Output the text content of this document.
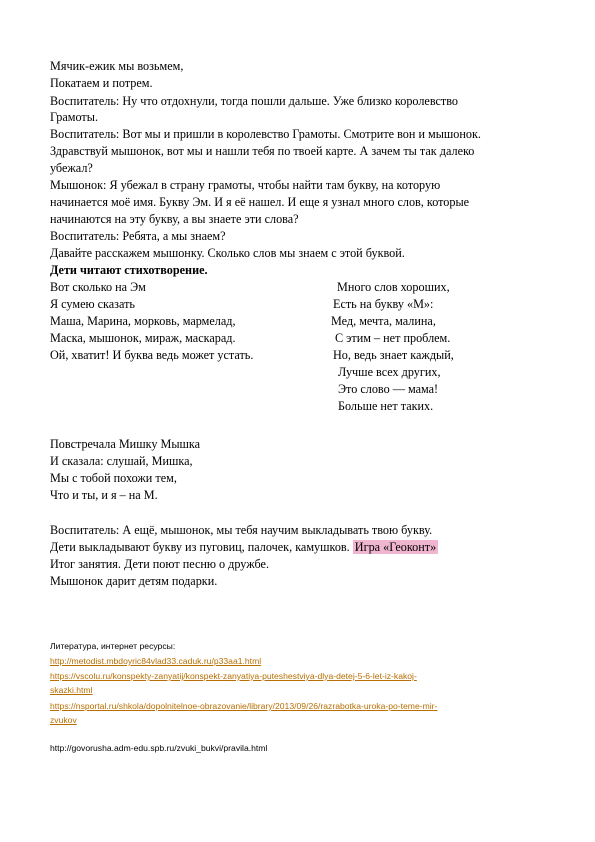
Мячик-ежик мы возьмем,
Покатаем и потрем.
Воспитатель: Ну что отдохнули, тогда пошли дальше. Уже близко королевство
Грамоты.
Воспитатель: Вот мы и пришли в королевство Грамоты. Смотрите вон и мышонок.
Здравствуй мышонок, вот мы и нашли тебя по твоей карте. А зачем ты так далеко
убежал?
Мышонок: Я убежал в страну грамоты, чтобы найти там букву, на которую
начинается моё имя. Букву Эм. И я её нашел. И еще я узнал много слов, которые
начинаются на эту букву, а вы знаете эти слова?
Воспитатель: Ребята, а мы знаем?
Давайте расскажем мышонку. Сколько слов мы знаем с этой буквой.
Дети читают стихотворение.
Вот сколько на Эм
Я сумею сказать
Маша, Марина, морковь, мармелад,
Маска, мышонок, мираж, маскарад.
Ой, хватит! И буква ведь может устать.
Много слов хороших,
Есть на букву «М»:
Мед, мечта, малина,
С этим – нет проблем.
Но, ведь знает каждый,
Лучше всех других,
Это слово — мама!
Больше нет таких.
Повстречала Мишку Мышка
И сказала: слушай, Мишка,
Мы с тобой похожи тем,
Что и ты, и я – на М.
Воспитатель: А ещё, мышонок, мы тебя научим выкладывать твою букву.
Дети выкладывают букву из пуговиц, палочек, камушков. Игра «Геоконт»
Итог занятия. Дети поют песню о дружбе.
Мышонок дарит детям подарки.
Литература, интернет ресурсы:
http://metodist.mbdoyric84vlad33.caduk.ru/p33aa1.html
https://vscolu.ru/konspekty-zanyatij/konspekt-zanyatiya-puteshestviya-dlya-detej-5-6-let-iz-kakoj-
skazki.html
https://nsportal.ru/shkola/dopolnitelnoe-obrazovanie/library/2013/09/26/razrabotka-uroka-po-teme-mir-
zvukov
http://govorusha.adm-edu.spb.ru/zvuki_bukvi/pravila.html
